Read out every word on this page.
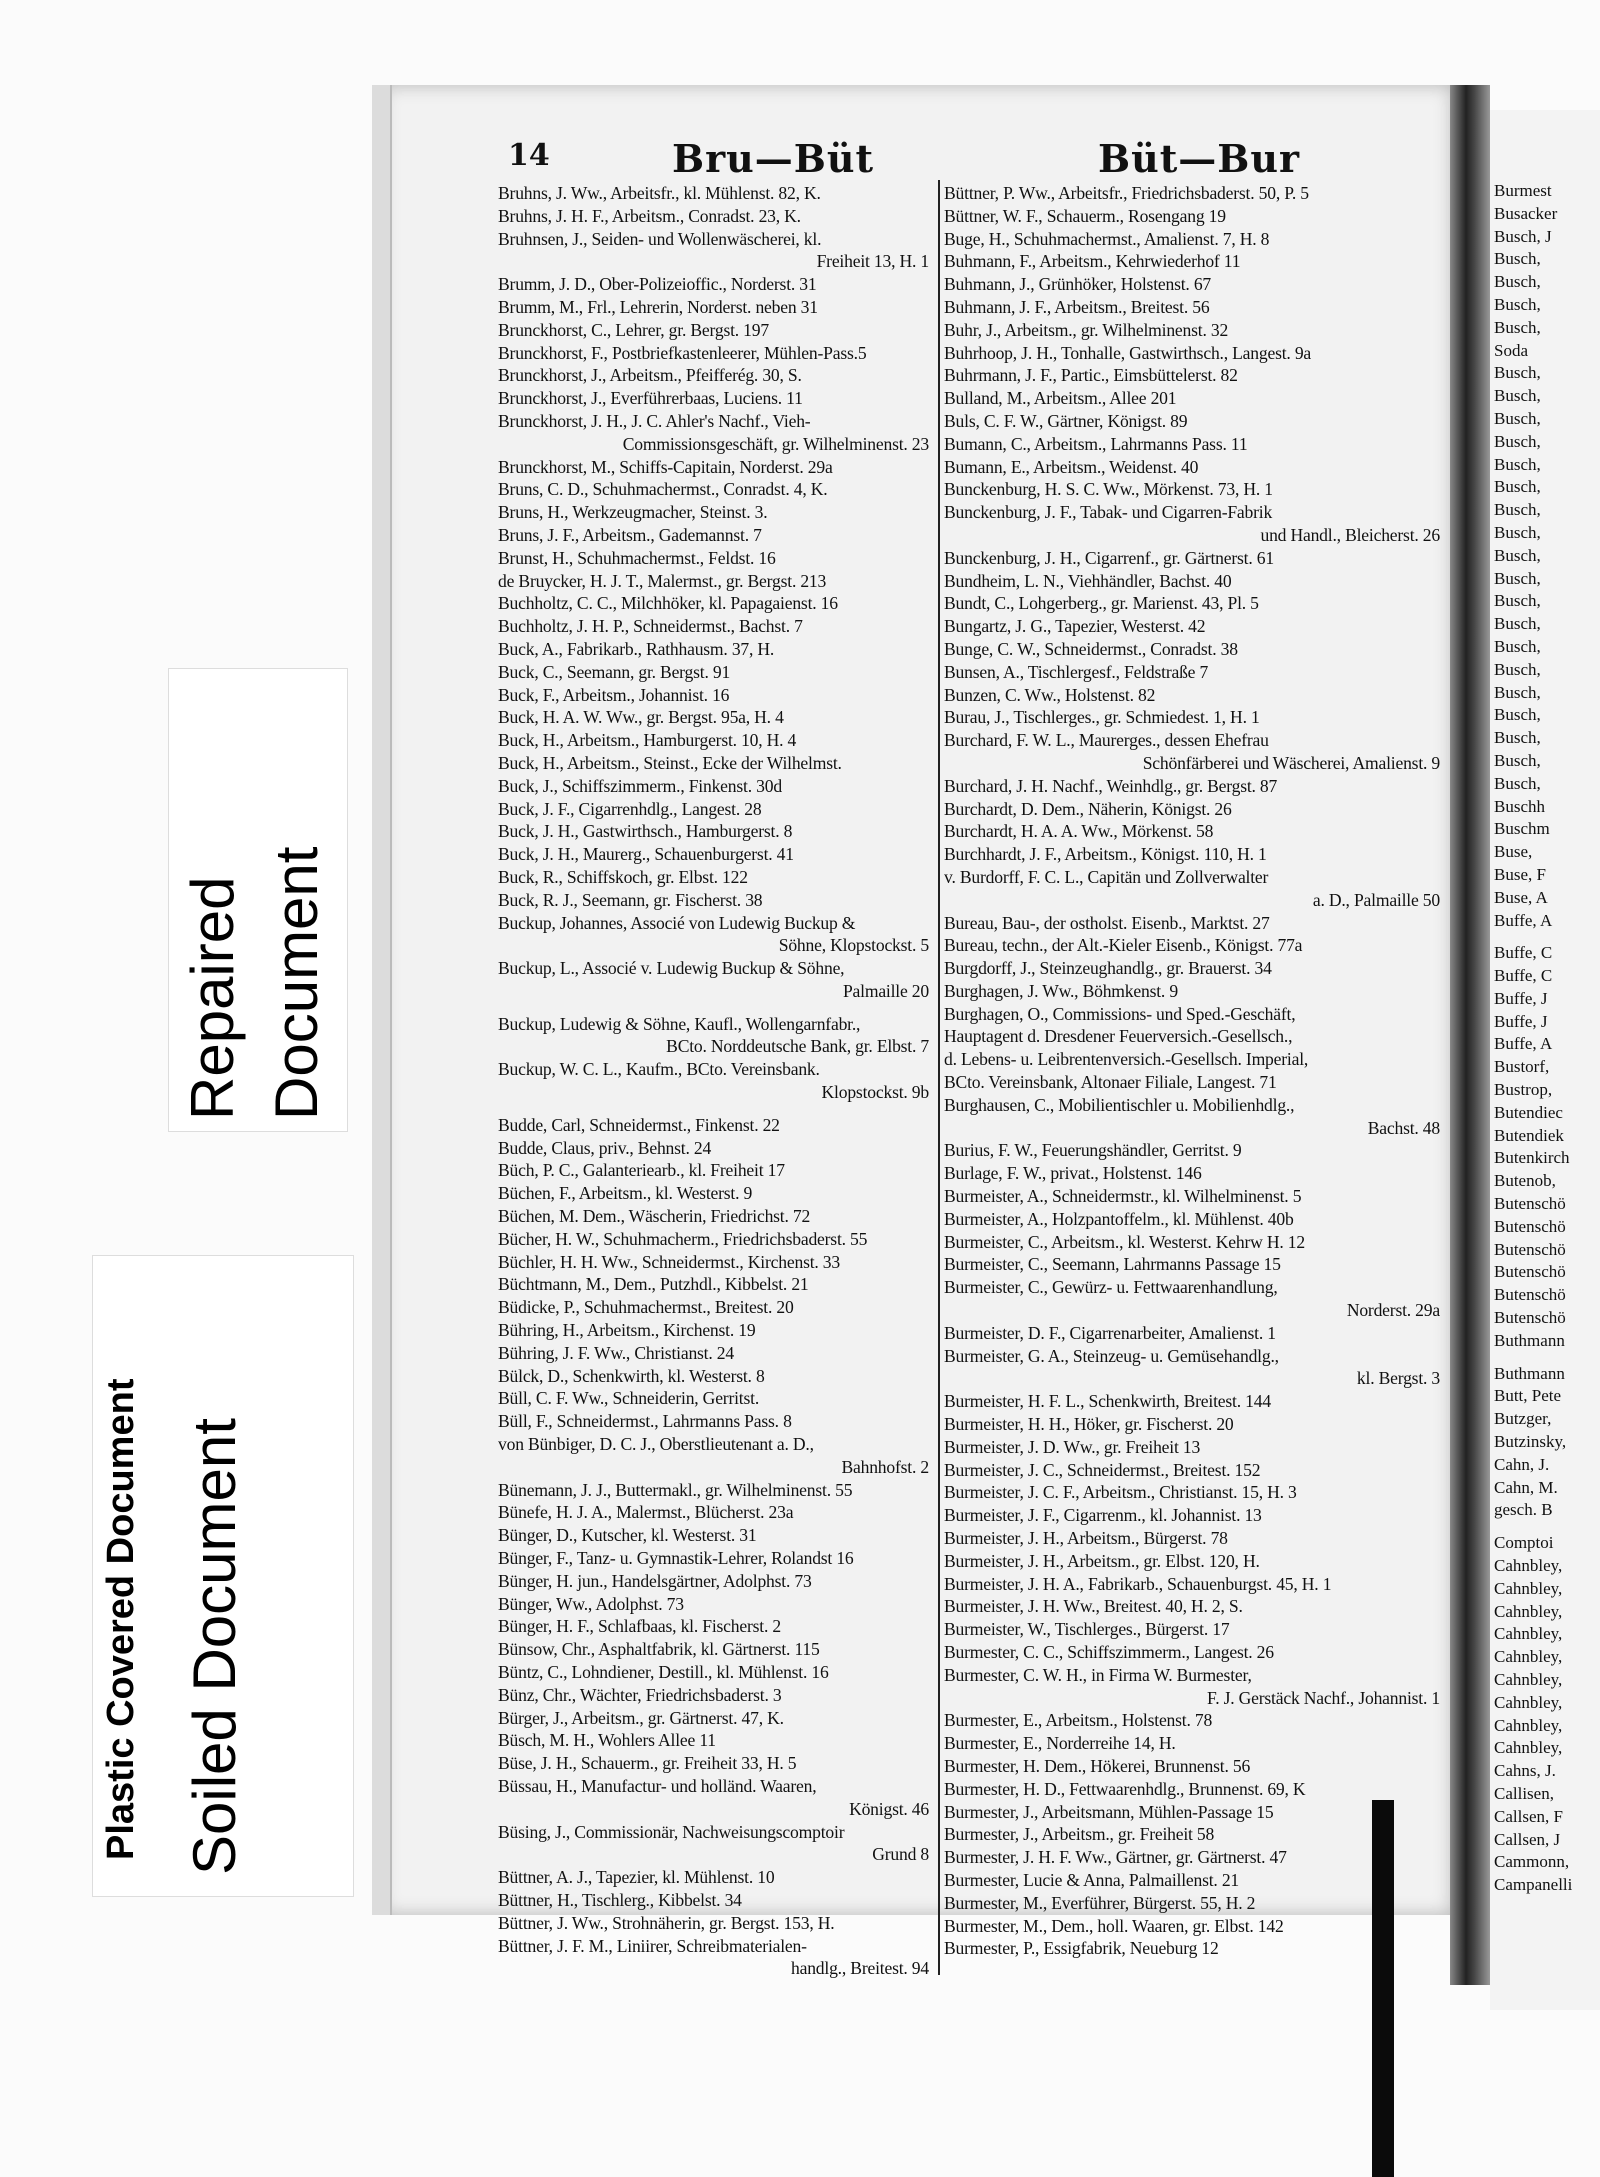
Repaired Document
Plastic Covered Document Soiled Document
Burmest
Busacker
Busch, J
Busch,
Busch,
Busch,
Busch,
Soda
Busch,
Busch,
Busch,
Busch,
Busch,
Busch,
Busch,
Busch,
Busch,
Busch,
Busch,
Busch,
Busch,
Busch,
Busch,
Busch,
Busch,
Busch,
Busch,
Buschh
Buschm
Buse,
Buse, F
Buse, A
Buffe, A
Buffe, C
Buffe, C
Buffe, J
Buffe, J
Buffe, A
Bustorf,
Bustrop,
Butendiec
Butendiek
Butenkirch
Butenob,
Butenschö
Butenschö
Butenschö
Butenschö
Butenschö
Butenschö
Buthmann
Buthmann
Butt, Pete
Butzger,
Butzinsky,
Cahn, J.
Cahn, M.
gesch. B
Comptoi
Cahnbley,
Cahnbley,
Cahnbley,
Cahnbley,
Cahnbley,
Cahnbley,
Cahnbley,
Cahnbley,
Cahnbley,
Cahns, J.
Callisen,
Callsen, F
Callsen, J
Cammonn,
Campanelli
14	Bru—Büt	Büt—Bur
Bruhns, J. Ww., Arbeitsfr., kl. Mühlenst. 82, K.
Bruhns, J. H. F., Arbeitsm., Conradst. 23, K.
Bruhnsen, J., Seiden- und Wollenwäscherei, kl.
Freiheit 13, H. 1
Brumm, J. D., Ober-Polizeioffic., Norderst. 31
Brumm, M., Frl., Lehrerin, Norderst. neben 31
Brunckhorst, C., Lehrer, gr. Bergst. 197
Brunckhorst, F., Postbriefkastenleerer, Mühlen-Pass.5
Brunckhorst, J., Arbeitsm., Pfeifferég. 30, S.
Brunckhorst, J., Everführerbaas, Luciens. 11
Brunckhorst, J. H., J. C. Ahler's Nachf., Vieh-
Commissionsgeschäft, gr. Wilhelminenst. 23
Brunckhorst, M., Schiffs-Capitain, Norderst. 29a
Bruns, C. D., Schuhmachermst., Conradst. 4, K.
Bruns, H., Werkzeugmacher, Steinst. 3.
Bruns, J. F., Arbeitsm., Gademannst. 7
Brunst, H., Schuhmachermst., Feldst. 16
de Bruycker, H. J. T., Malermst., gr. Bergst. 213
Buchholtz, C. C., Milchhöker, kl. Papagaienst. 16
Buchholtz, J. H. P., Schneidermst., Bachst. 7
Buck, A., Fabrikarb., Rathhausm. 37, H.
Buck, C., Seemann, gr. Bergst. 91
Buck, F., Arbeitsm., Johannist. 16
Buck, H. A. W. Ww., gr. Bergst. 95a, H. 4
Buck, H., Arbeitsm., Hamburgerst. 10, H. 4
Buck, H., Arbeitsm., Steinst., Ecke der Wilhelmst.
Buck, J., Schiffszimmerm., Finkenst. 30d
Buck, J. F., Cigarrenhdlg., Langest. 28
Buck, J. H., Gastwirthsch., Hamburgerst. 8
Buck, J. H., Maurerg., Schauenburgerst. 41
Buck, R., Schiffskoch, gr. Elbst. 122
Buck, R. J., Seemann, gr. Fischerst. 38
Buckup, Johannes, Associé von Ludewig Buckup &
Söhne, Klopstockst. 5
Buckup, L., Associé v. Ludewig Buckup & Söhne,
Palmaille 20
Buckup, Ludewig & Söhne, Kaufl., Wollengarnfabr.,
BCto. Norddeutsche Bank, gr. Elbst. 7
Buckup, W. C. L., Kaufm., BCto. Vereinsbank.
Klopstockst. 9b
Budde, Carl, Schneidermst., Finkenst. 22
Budde, Claus, priv., Behnst. 24
Büch, P. C., Galanteriearb., kl. Freiheit 17
Büchen, F., Arbeitsm., kl. Westerst. 9
Büchen, M. Dem., Wäscherin, Friedrichst. 72
Bücher, H. W., Schuhmacherm., Friedrichsbaderst. 55
Büchler, H. H. Ww., Schneidermst., Kirchenst. 33
Büchtmann, M., Dem., Putzhdl., Kibbelst. 21
Büdicke, P., Schuhmachermst., Breitest. 20
Bühring, H., Arbeitsm., Kirchenst. 19
Bühring, J. F. Ww., Christianst. 24
Bülck, D., Schenkwirth, kl. Westerst. 8
Büll, C. F. Ww., Schneiderin, Gerritst.
Büll, F., Schneidermst., Lahrmanns Pass. 8
von Bünbiger, D. C. J., Oberstlieutenant a. D.,
Bahnhofst. 2
Bünemann, J. J., Buttermakl., gr. Wilhelminenst. 55
Bünefe, H. J. A., Malermst., Blücherst. 23a
Bünger, D., Kutscher, kl. Westerst. 31
Bünger, F., Tanz- u. Gymnastik-Lehrer, Rolandst 16
Bünger, H. jun., Handelsgärtner, Adolphst. 73
Bünger, Ww., Adolphst. 73
Bünger, H. F., Schlafbaas, kl. Fischerst. 2
Bünsow, Chr., Asphaltfabrik, kl. Gärtnerst. 115
Büntz, C., Lohndiener, Destill., kl. Mühlenst. 16
Bünz, Chr., Wächter, Friedrichsbaderst. 3
Bürger, J., Arbeitsm., gr. Gärtnerst. 47, K.
Büsch, M. H., Wohlers Allee 11
Büse, J. H., Schauerm., gr. Freiheit 33, H. 5
Büssau, H., Manufactur- und holländ. Waaren,
Königst. 46
Büsing, J., Commissionär, Nachweisungscomptoir
Grund 8
Büttner, A. J., Tapezier, kl. Mühlenst. 10
Büttner, H., Tischlerg., Kibbelst. 34
Büttner, J. Ww., Strohnäherin, gr. Bergst. 153, H.
Büttner, J. F. M., Liniirer, Schreibmaterialen-
handlg., Breitest. 94
Büttner, P. Ww., Arbeitsfr., Friedrichsbaderst. 50, P. 5
Büttner, W. F., Schauerm., Rosengang 19
Buge, H., Schuhmachermst., Amalienst. 7, H. 8
Buhmann, F., Arbeitsm., Kehrwiederhof 11
Buhmann, J., Grünhöker, Holstenst. 67
Buhmann, J. F., Arbeitsm., Breitest. 56
Buhr, J., Arbeitsm., gr. Wilhelminenst. 32
Buhrhoop, J. H., Tonhalle, Gastwirthsch., Langest. 9a
Buhrmann, J. F., Partic., Eimsbüttelerst. 82
Bulland, M., Arbeitsm., Allee 201
Buls, C. F. W., Gärtner, Königst. 89
Bumann, C., Arbeitsm., Lahrmanns Pass. 11
Bumann, E., Arbeitsm., Weidenst. 40
Bunckenburg, H. S. C. Ww., Mörkenst. 73, H. 1
Bunckenburg, J. F., Tabak- und Cigarren-Fabrik
und Handl., Bleicherst. 26
Bunckenburg, J. H., Cigarrenf., gr. Gärtnerst. 61
Bundheim, L. N., Viehhändler, Bachst. 40
Bundt, C., Lohgerberg., gr. Marienst. 43, Pl. 5
Bungartz, J. G., Tapezier, Westerst. 42
Bunge, C. W., Schneidermst., Conradst. 38
Bunsen, A., Tischlergesf., Feldstraße 7
Bunzen, C. Ww., Holstenst. 82
Burau, J., Tischlerges., gr. Schmiedest. 1, H. 1
Burchard, F. W. L., Maurerges., dessen Ehefrau
Schönfärberei und Wäscherei, Amalienst. 9
Burchard, J. H. Nachf., Weinhdlg., gr. Bergst. 87
Burchardt, D. Dem., Näherin, Königst. 26
Burchardt, H. A. A. Ww., Mörkenst. 58
Burchhardt, J. F., Arbeitsm., Königst. 110, H. 1
v. Burdorff, F. C. L., Capitän und Zollverwalter
a. D., Palmaille 50
Bureau, Bau-, der ostholst. Eisenb., Marktst. 27
Bureau, techn., der Alt.-Kieler Eisenb., Königst. 77a
Burgdorff, J., Steinzeughandlg., gr. Brauerst. 34
Burghagen, J. Ww., Böhmkenst. 9
Burghagen, O., Commissions- und Sped.-Geschäft,
Hauptagent d. Dresdener Feuerversich.-Gesellsch.,
d. Lebens- u. Leibrentenversich.-Gesellsch. Imperial,
BCto. Vereinsbank, Altonaer Filiale, Langest. 71
Burghausen, C., Mobilientischler u. Mobilienhdlg.,
Bachst. 48
Burius, F. W., Feuerungshändler, Gerritst. 9
Burlage, F. W., privat., Holstenst. 146
Burmeister, A., Schneidermstr., kl. Wilhelminenst. 5
Burmeister, A., Holzpantoffelm., kl. Mühlenst. 40b
Burmeister, C., Arbeitsm., kl. Westerst. Kehrw H. 12
Burmeister, C., Seemann, Lahrmanns Passage 15
Burmeister, C., Gewürz- u. Fettwaarenhandlung,
Norderst. 29a
Burmeister, D. F., Cigarrenarbeiter, Amalienst. 1
Burmeister, G. A., Steinzeug- u. Gemüsehandlg.,
kl. Bergst. 3
Burmeister, H. F. L., Schenkwirth, Breitest. 144
Burmeister, H. H., Höker, gr. Fischerst. 20
Burmeister, J. D. Ww., gr. Freiheit 13
Burmeister, J. C., Schneidermst., Breitest. 152
Burmeister, J. C. F., Arbeitsm., Christianst. 15, H. 3
Burmeister, J. F., Cigarrenm., kl. Johannist. 13
Burmeister, J. H., Arbeitsm., Bürgerst. 78
Burmeister, J. H., Arbeitsm., gr. Elbst. 120, H.
Burmeister, J. H. A., Fabrikarb., Schauenburgst. 45, H. 1
Burmeister, J. H. Ww., Breitest. 40, H. 2, S.
Burmeister, W., Tischlerges., Bürgerst. 17
Burmester, C. C., Schiffszimmerm., Langest. 26
Burmester, C. W. H., in Firma W. Burmester,
F. J. Gerstäck Nachf., Johannist. 1
Burmester, E., Arbeitsm., Holstenst. 78
Burmester, E., Norderreihe 14, H.
Burmester, H. Dem., Hökerei, Brunnenst. 56
Burmester, H. D., Fettwaarenhdlg., Brunnenst. 69, K
Burmester, J., Arbeitsmann, Mühlen-Passage 15
Burmester, J., Arbeitsm., gr. Freiheit 58
Burmester, J. H. F. Ww., Gärtner, gr. Gärtnerst. 47
Burmester, Lucie & Anna, Palmaillenst. 21
Burmester, M., Everführer, Bürgerst. 55, H. 2
Burmester, M., Dem., holl. Waaren, gr. Elbst. 142
Burmester, P., Essigfabrik, Neueburg 12
